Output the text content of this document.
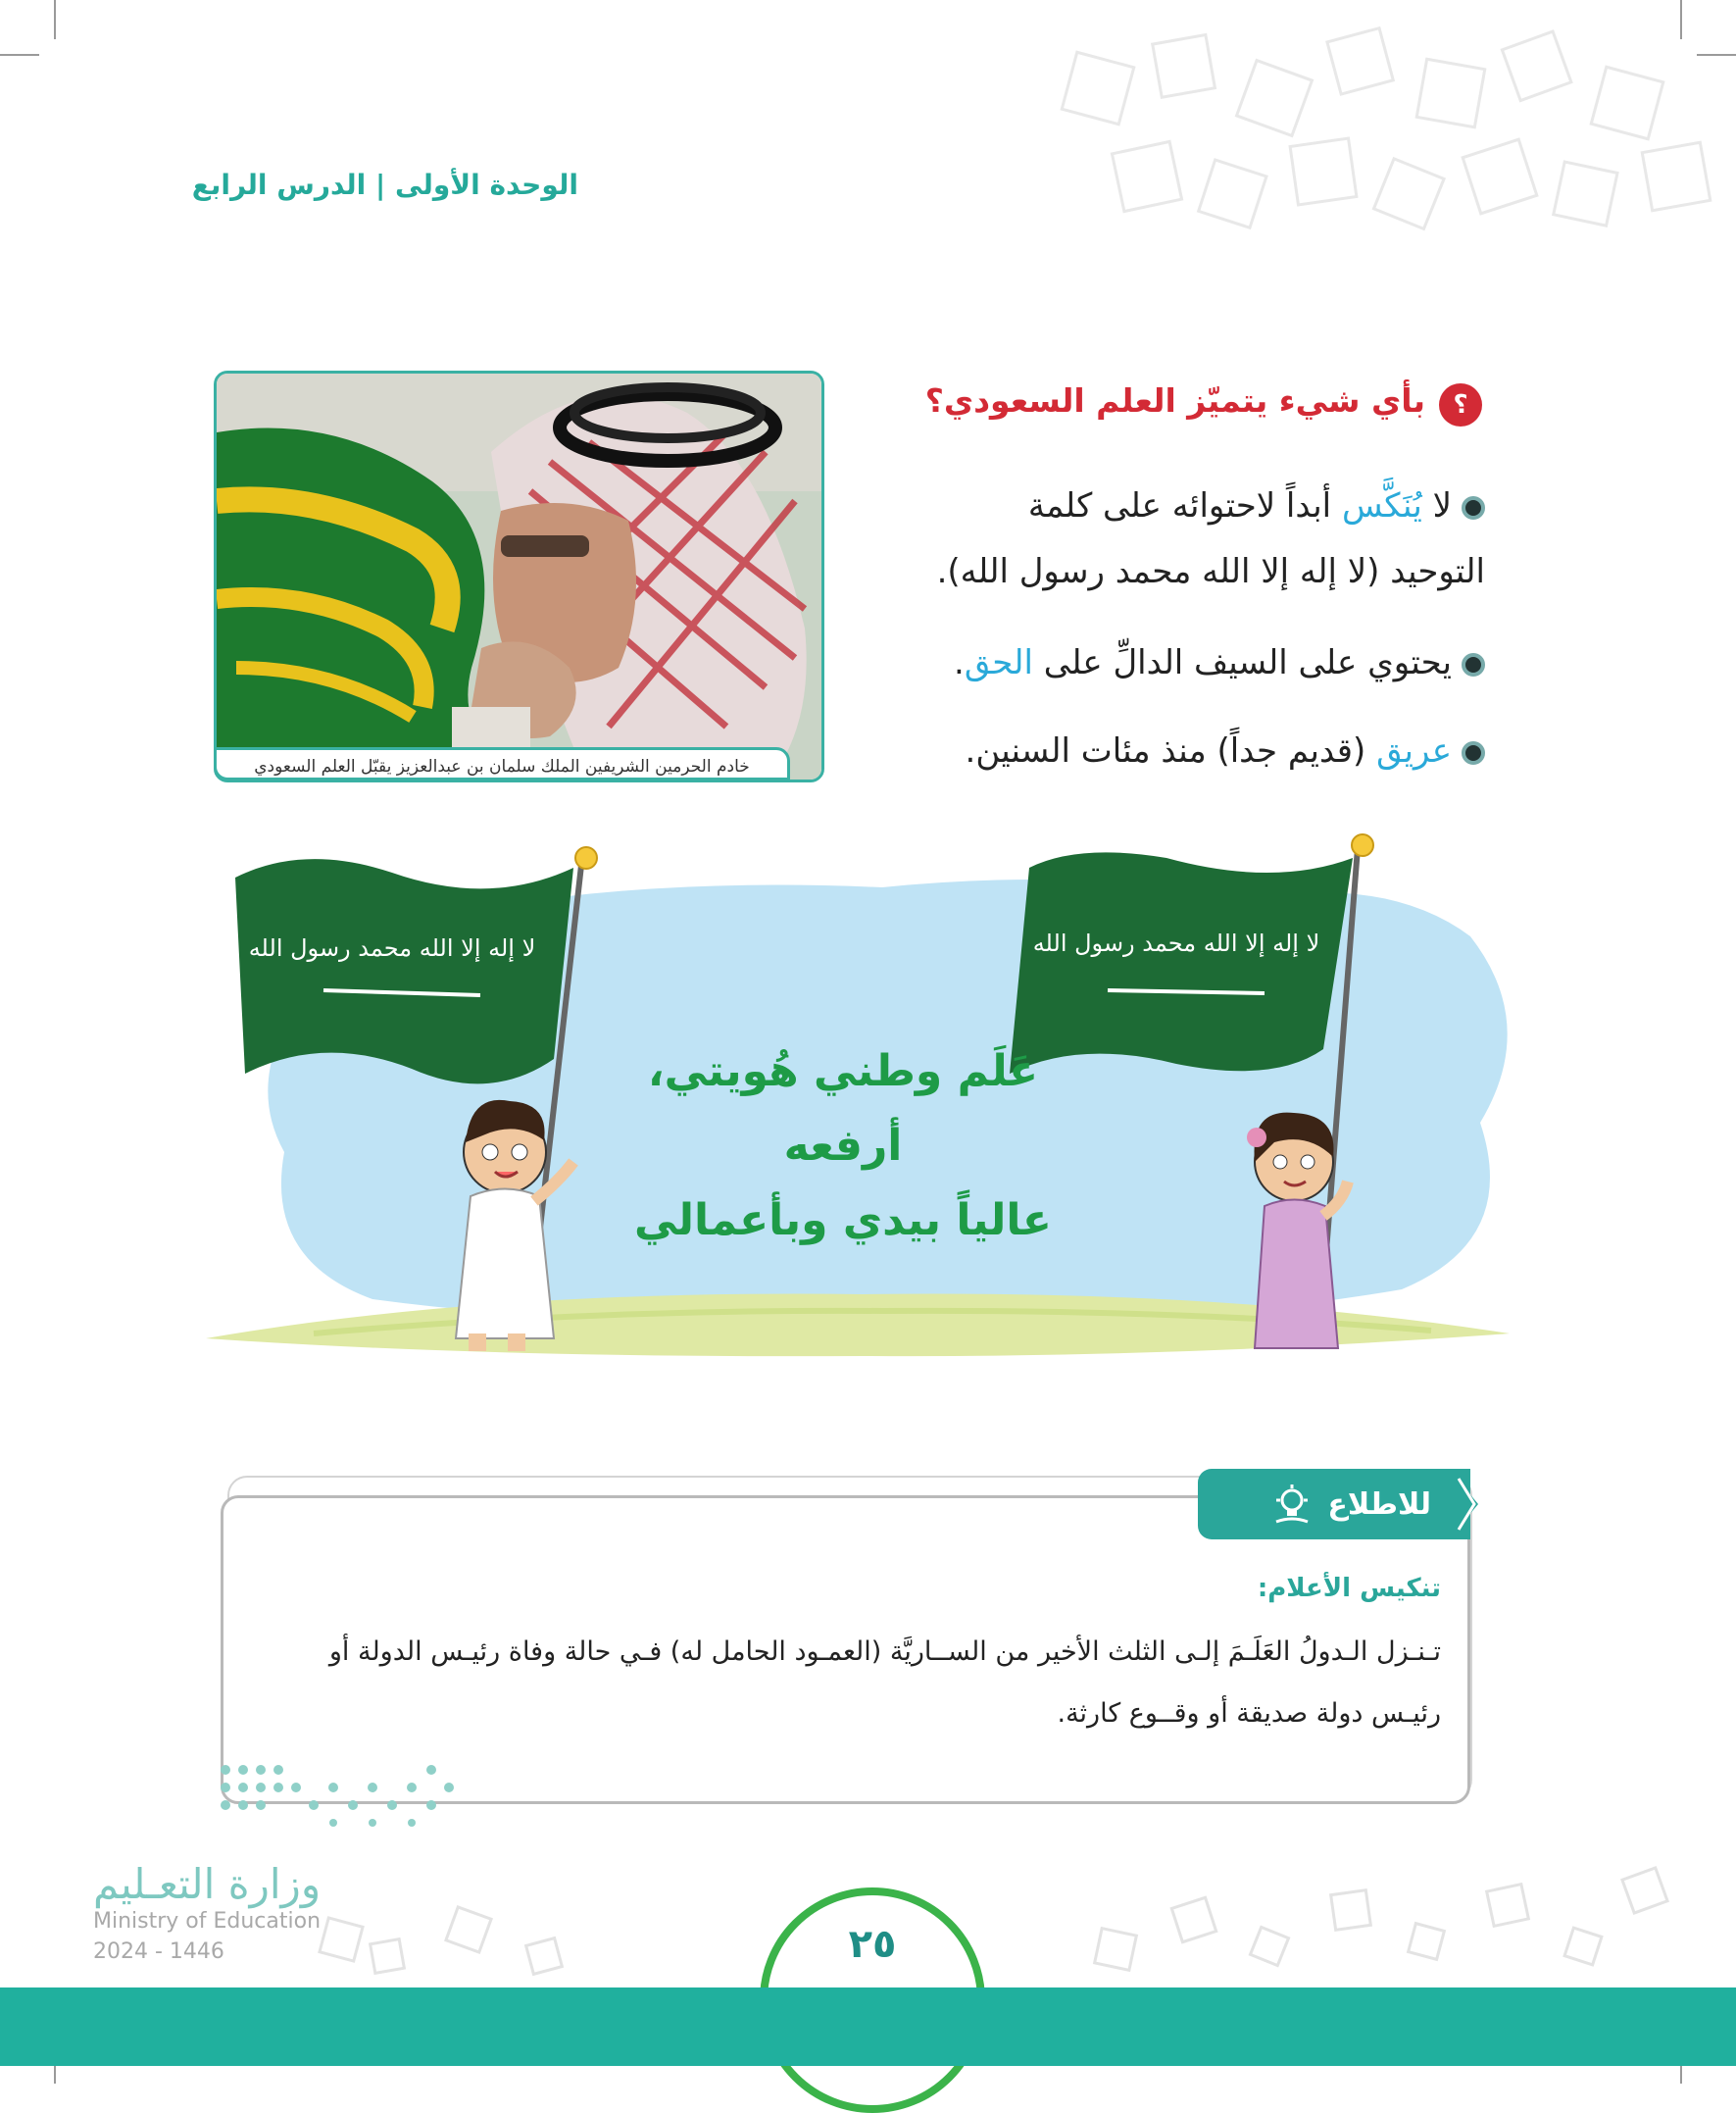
الوحدة الأولى | الدرس الرابع
؟
بأي شيء يتميّز العلم السعودي؟
لا يُنَكَّس أبداً لاحتوائه على كلمة
التوحيد (لا إله إلا الله محمد رسول الله).
يحتوي على السيف الدالِّ على الحق.
عريق (قديم جداً) منذ مئات السنين.
خادم الحرمين الشريفين الملك سلمان بن عبدالعزيز يقبّل العلم السعودي
لا إله إلا الله محمد رسول الله	لا إله إلا الله محمد رسول الله
عَلَم وطني هُويتي، أرفعه
عالياً بيدي وبأعمالي
للاطلاع
تنكيس الأعلام:
تـنـزل الـدولُ العَلَـمَ إلـى الثلث الأخير من الســاريَّة (العمـود الحامل له) فـي حالة وفاة رئيـس الدولة أو
رئيـس دولة صديقة أو وقــوع كارثة.
٢٥
وزارة التعـليم
Ministry of Education
2024 - 1446
